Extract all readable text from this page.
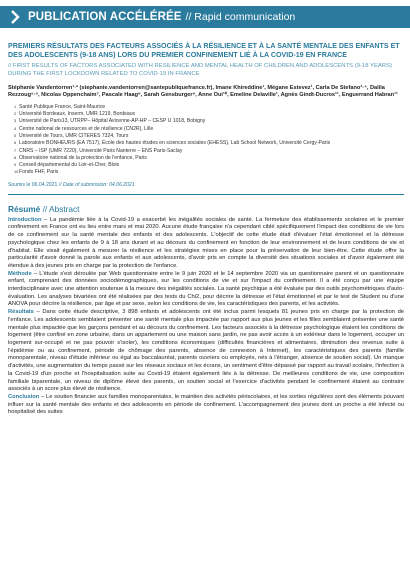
PUBLICATION ACCÉLÉRÉE // Rapid communication
PREMIERS RÉSULTATS DES FACTEURS ASSOCIÉS À LA RÉSILIENCE ET À LA SANTÉ MENTALE DES ENFANTS ET DES ADOLESCENTS (9-18 ANS) LORS DU PREMIER CONFINEMENT LIÉ À LA COVID-19 EN FRANCE
// FIRST RESULTS OF FACTORS ASSOCIATED WITH RESILIENCE AND MENTAL HEALTH OF CHILDREN AND ADOLESCENTS (9-18 YEARS) DURING THE FIRST LOCKDOWN RELATED TO COVID-19 IN FRANCE
Stéphanie Vandentorren¹·² (stephanie.vandentorren@santepubliquefrance.fr), Imane Khireddine¹, Mégane Estevez¹, Carla De Stefano³·⁴, Dalila Rezzoug⁵·⁶, Nicolas Oppenchaim⁷, Pascale Haag⁸, Sarah Gensburger⁹, Anne Oui¹⁰, Emeline Delaville¹, Agnès Gindt-Ducros¹¹, Enguerrand Habran¹¹
1 Santé Publique France, Saint-Maurice
2 Université Bordeaux, Inserm, UMR 1219, Bordeaux
3 Université de Paris13, UTRPP– Hôpital Avicenne-AP-HP – CESP U 1018, Bobigny
4 Centre national de ressources et de résilience (CN2R), Lille
5 Université de Tours, UMR CITERES 7324, Tours
6 Laboratoire BONHEURS (EA 7517), École des hautes études en sciences sociales (EHESS), Lab School Network, Université Cergy-Paris
7 CNRS – ISP (UMR 7220), Université Paris Nanterre – ENS Paris-Saclay
8 Observatoire national de la protection de l'enfance, Paris
9 Conseil départemental du Loir-et-Cher, Blois
10 Fonds FHF, Paris
Soumis le 06.04.2021 // Date of submission: 04.06.2021
Résumé // Abstract

Introduction – La pandémie liée à la Covid-19 a exacerbé les inégalités sociales de santé. La fermeture des établissements scolaires et le premier confinement en France ont eu lieu entre mars et mai 2020. Aucune étude française n'a cependant ciblé spécifiquement l'impact des conditions de vie lors de ce confinement sur la santé mentale des enfants et des adolescents. L'objectif de cette étude était d'évaluer l'état émotionnel et la détresse psychologique chez les enfants de 9 à 18 ans durant et au décours du confinement en fonction de leur environnement et de leurs conditions de vie et d'habitat. Elle visait également à mesurer la résilience et les stratégies mises en place pour la préservation de leur bien-être. Cette étude offre la particularité d'avoir donné la parole aux enfants et aux adolescents, d'avoir pris en compte la diversité des situations sociales et d'avoir également été étendue à des jeunes pris en charge par la protection de l'enfance.

Méthode – L'étude s'est déroulée par Web questionnaire entre le 9 juin 2020 et le 14 septembre 2020 via un questionnaire parent et un questionnaire enfant, comprenant des données sociodémographiques, sur les conditions de vie et sur l'impact du confinement. Il a été conçu par une équipe interdisciplinaire avec une attention soutenue à la mesure des inégalités sociales. La santé psychique a été évaluée par des outils psychométriques d'auto-évaluation. Les analyses bivariées ont été réalisées par des tests du Chi2, pour décrire la détresse et l'état émotionnel et par le test de Student ou d'une ANOVA pour décrire la résilience, par âge et par sexe, selon les conditions de vie, les caractéristiques des parents, et les activités.

Résultats – Dans cette étude descriptive, 3 898 enfants et adolescents ont été inclus parmi lesquels 81 jeunes pris en charge par la protection de l'enfance. Les adolescents semblaient présenter une santé mentale plus impactée par rapport aux plus jeunes et les filles semblaient présenter une santé mentale plus impactée que les garçons pendant et au décours du confinement. Les facteurs associés à la détresse psychologique étaient les conditions de logement (être confiné en zone urbaine, dans un appartement ou une maison sans jardin, ne pas avoir accès à un extérieur dans le logement, occuper un logement sur-occupé et ne pas pouvoir s'isoler), les conditions économiques (difficultés financières et alimentaires, diminution des revenus suite à l'épidémie ou au confinement, période de chômage des parents, absence de connexion à Internet), les caractéristiques des parents (famille monoparentale, niveau d'étude inférieur ou égal au baccalauréat, parents ouvriers ou employés, nés à l'étranger, absence de soutien social). Un manque d'activités, une augmentation du temps passé sur les réseaux sociaux et les écrans, un sentiment d'être dépassé par rapport au travail scolaire, l'infection à la Covid-19 d'un proche et l'hospitalisation suite au Covid-19 étaient également liés à la détresse. De meilleures conditions de vie, une composition familiale biparentale, un niveau de diplôme élevé des parents, un soutien social et l'exercice d'activités pendant le confinement étaient au contraire associés à un score plus élevé de résilience.

Conclusion – Le soutien financier aux familles monoparentales, le maintien des activités périscolaires, et les sorties régulières sont des éléments pouvant influer sur la santé mentale des enfants et des adolescents en période de confinement. L'accompagnement des jeunes dont un proche a été infecté ou hospitalisé des suites
